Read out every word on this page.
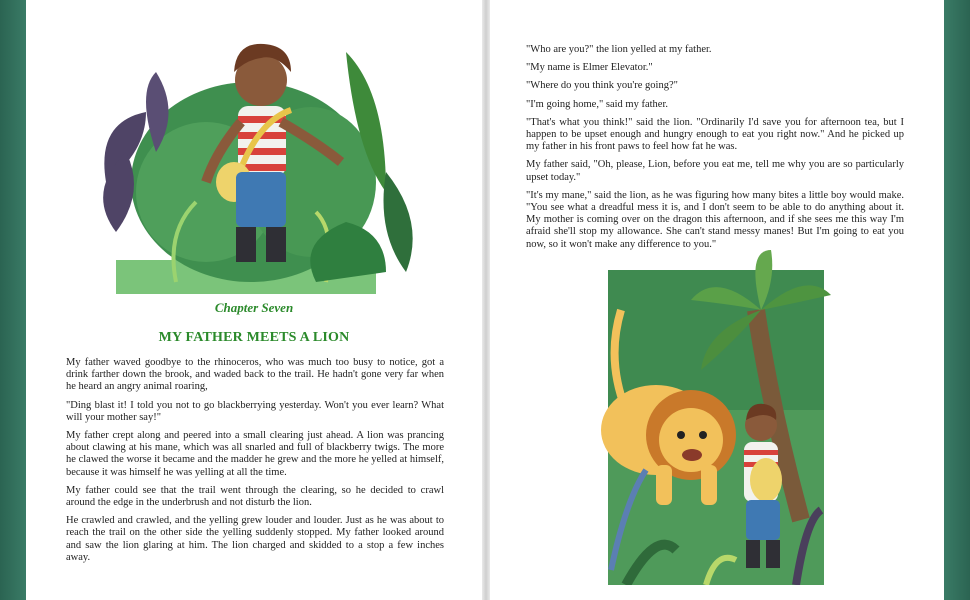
Chapter Seven
MY FATHER MEETS A LION

My father waved goodbye to the rhinoceros, who was much too busy to notice, got a drink farther down the brook, and waded back to the trail. He hadn't gone very far when he heard an angry animal roaring,

"Ding blast it! I told you not to go blackberrying yesterday. Won't you ever learn? What will your mother say!"

My father crept along and peered into a small clearing just ahead. A lion was prancing about clawing at his mane, which was all snarled and full of blackberry twigs. The more he clawed the worse it became and the madder he grew and the more he yelled at himself, because it was himself he was yelling at all the time.

My father could see that the trail went through the clearing, so he decided to crawl around the edge in the underbrush and not disturb the lion.

He crawled and crawled, and the yelling grew louder and louder. Just as he was about to reach the trail on the other side the yelling suddenly stopped. My father looked around and saw the lion glaring at him. The lion charged and skidded to a stop a few inches away.

"Who are you?" the lion yelled at my father.

"My name is Elmer Elevator."

"Where do you think you're going?"

"I'm going home," said my father.

"That's what you think!" said the lion. "Ordinarily I'd save you for afternoon tea, but I happen to be upset enough and hungry enough to eat you right now." And he picked up my father in his front paws to feel how fat he was.

My father said, "Oh, please, Lion, before you eat me, tell me why you are so particularly upset today."

"It's my mane," said the lion, as he was figuring how many bites a little boy would make. "You see what a dreadful mess it is, and I don't seem to be able to do anything about it. My mother is coming over on the dragon this afternoon, and if she sees me this way I'm afraid she'll stop my allowance. She can't stand messy manes! But I'm going to eat you now, so it won't make any difference to you."
